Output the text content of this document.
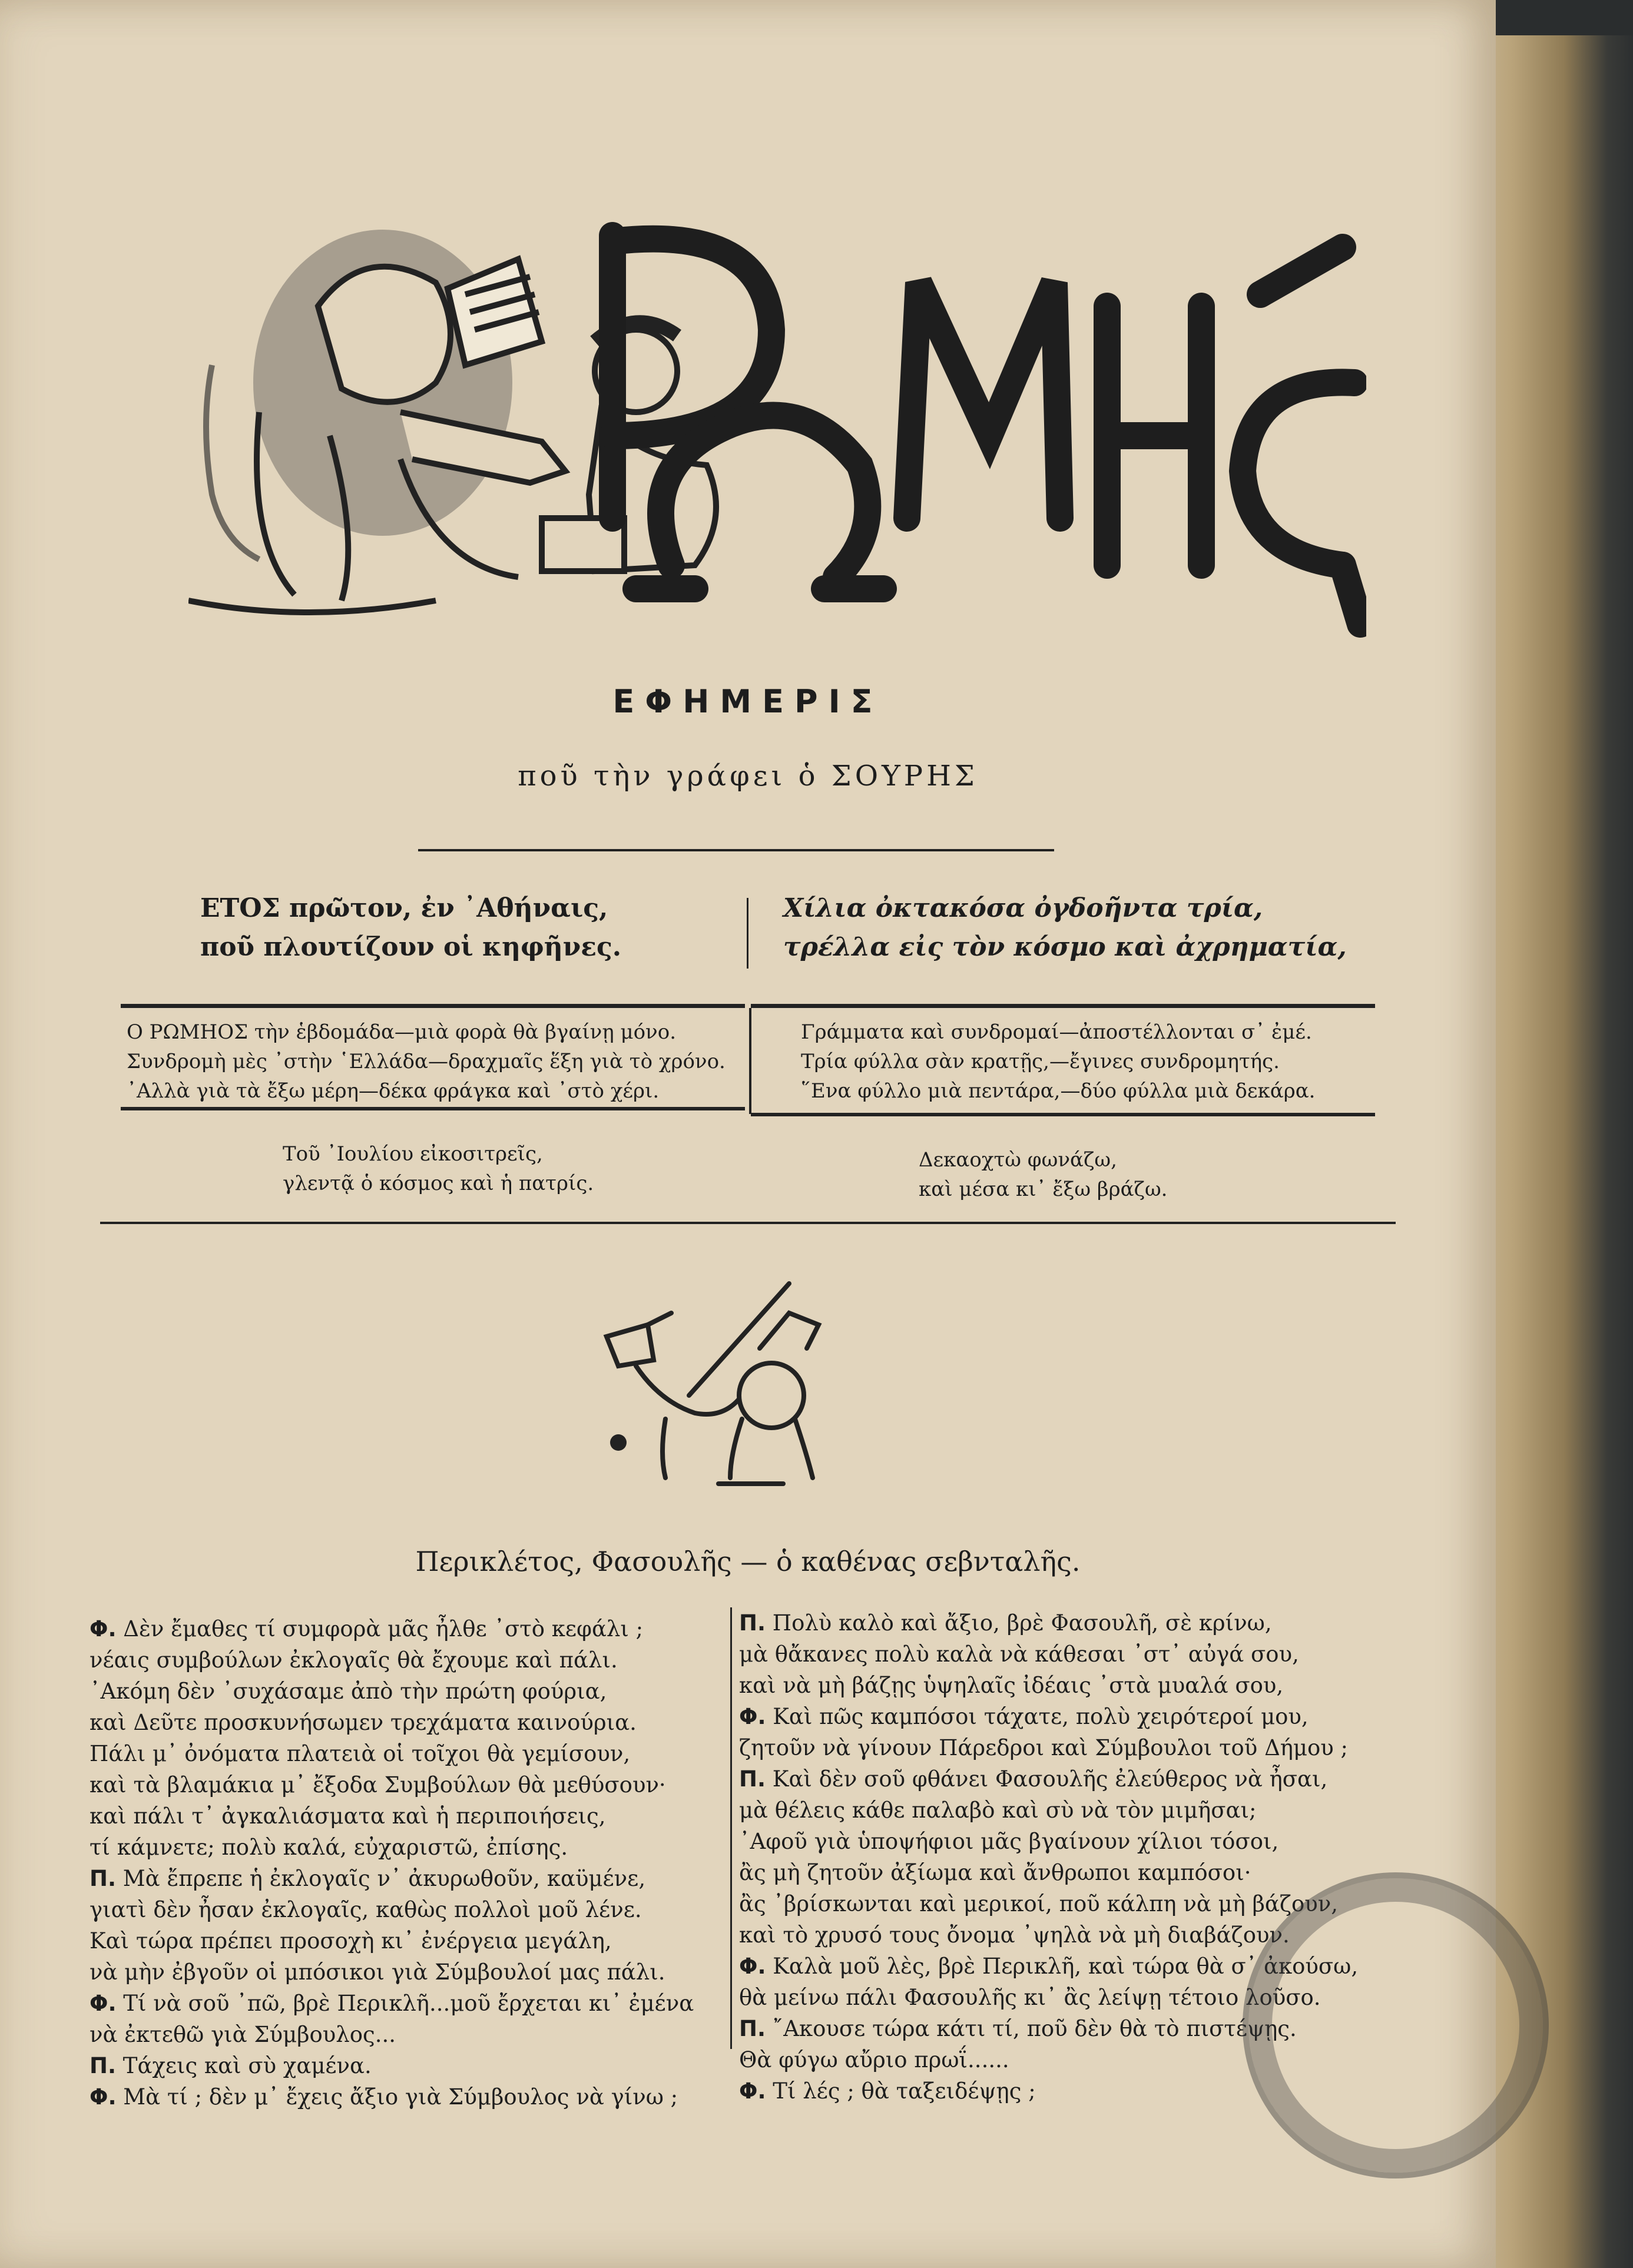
ΕΦΗΜΕΡΙΣ
ποῦ τὴν γράφει ὁ ΣΟΥΡΗΣ
ΕΤΟΣ πρῶτον, ἐν ᾿Αθήναις,
ποῦ πλουτίζουν οἱ κηφῆνες.
Χίλια ὀκτακόσα ὀγδοῆντα τρία,
τρέλλα εἰς τὸν κόσμο καὶ ἀχρηματία,
Ο ΡΩΜΗΟΣ τὴν ἑβδομάδα—μιὰ φορὰ θὰ βγαίνῃ μόνο.
Συνδρομὴ μὲς ᾿στὴν ῾Ελλάδα—δραχμαῖς ἕξη γιὰ τὸ χρόνο.
᾿Αλλὰ γιὰ τὰ ἔξω μέρη—δέκα φράγκα καὶ ᾿στὸ χέρι.
Γράμματα καὶ συνδρομαί—ἀποστέλλονται σ᾿ ἐμέ.
Τρία φύλλα σὰν κρατῇς,—ἔγινες συνδρομητής.
῞Ενα φύλλο μιὰ πεντάρα,—δύο φύλλα μιὰ δεκάρα.
Τοῦ ᾿Ιουλίου εἰκοσιτρεῖς,
γλεντᾷ ὁ κόσμος καὶ ἡ πατρίς.
Δεκαοχτὼ φωνάζω,
καὶ μέσα κι᾿ ἔξω βράζω.
Περικλέτος, Φασουλῆς — ὁ καθένας σεβνταλῆς.
Φ. Δὲν ἔμαθες τί συμφορὰ μᾶς ἦλθε ᾿στὸ κεφάλι ;
νέαις συμβούλων ἐκλογαῖς θὰ ἔχουμε καὶ πάλι.
᾿Ακόμη δὲν ᾿συχάσαμε ἀπὸ τὴν πρώτη φούρια,
καὶ Δεῦτε προσκυνήσωμεν τρεχάματα καινούρια.
Πάλι μ᾿ ὀνόματα πλατειὰ οἱ τοῖχοι θὰ γεμίσουν,
καὶ τὰ βλαμάκια μ᾿ ἔξοδα Συμβούλων θὰ μεθύσουν·
καὶ πάλι τ᾿ ἀγκαλιάσματα καὶ ἡ περιποιήσεις,
τί κάμνετε; πολὺ καλά, εὐχαριστῶ, ἐπίσης.
Π. Μὰ ἔπρεπε ἡ ἐκλογαῖς ν᾿ ἀκυρωθοῦν, καϋμένε,
γιατὶ δὲν ἦσαν ἐκλογαῖς, καθὼς πολλοὶ μοῦ λένε.
Καὶ τώρα πρέπει προσοχὴ κι᾿ ἐνέργεια μεγάλη,
νὰ μὴν ἐβγοῦν οἱ μπόσικοι γιὰ Σύμβουλοί μας πάλι.
Φ. Τί νὰ σοῦ ᾿πῶ, βρὲ Περικλῆ...μοῦ ἔρχεται κι᾿ ἐμένα
νὰ ἐκτεθῶ γιὰ Σύμβουλος...
Π. Τάχεις καὶ σὺ χαμένα.
Φ. Μὰ τί ; δὲν μ᾿ ἔχεις ἄξιο γιὰ Σύμβουλος νὰ γίνω ;
Π. Πολὺ καλὸ καὶ ἄξιο, βρὲ Φασουλῆ, σὲ κρίνω,
μὰ θἄκανες πολὺ καλὰ νὰ κάθεσαι ᾿στ᾿ αὐγά σου,
καὶ νὰ μὴ βάζῃς ὑψηλαῖς ἰδέαις ᾿στὰ μυαλά σου,
Φ. Καὶ πῶς καμπόσοι τάχατε, πολὺ χειρότεροί μου,
ζητοῦν νὰ γίνουν Πάρεδροι καὶ Σύμβουλοι τοῦ Δήμου ;
Π. Καὶ δὲν σοῦ φθάνει Φασουλῆς ἐλεύθερος νὰ ἦσαι,
μὰ θέλεις κάθε παλαβὸ καὶ σὺ νὰ τὸν μιμῆσαι;
᾿Αφοῦ γιὰ ὑποψήφιοι μᾶς βγαίνουν χίλιοι τόσοι,
ἂς μὴ ζητοῦν ἀξίωμα καὶ ἄνθρωποι καμπόσοι·
ἂς ᾿βρίσκωνται καὶ μερικοί, ποῦ κάλπη νὰ μὴ βάζουν,
καὶ τὸ χρυσό τους ὄνομα ᾿ψηλὰ νὰ μὴ διαβάζουν.
Φ. Καλὰ μοῦ λὲς, βρὲ Περικλῆ, καὶ τώρα θὰ σ᾿ ἀκούσω,
θὰ μείνω πάλι Φασουλῆς κι᾿ ἂς λείψῃ τέτοιο λοῦσο.
Π. ῎Ακουσε τώρα κάτι τί, ποῦ δὲν θὰ τὸ πιστέψῃς.
Θὰ φύγω αὔριο πρωΐ......
Φ. Τί λές ; θὰ ταξειδέψῃς ;
